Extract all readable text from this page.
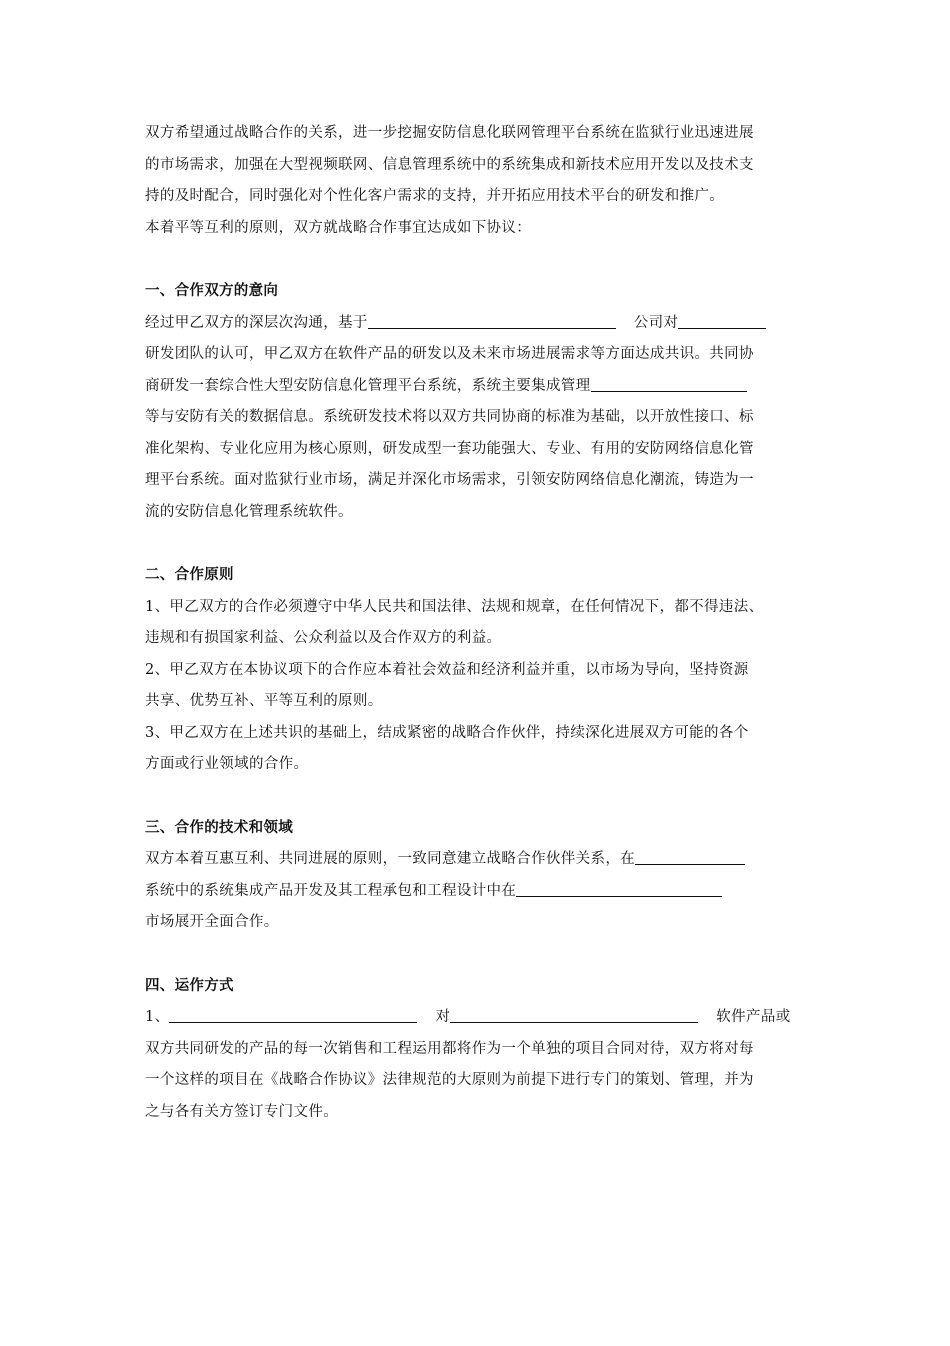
双方希望通过战略合作的关系，进一步挖掘安防信息化联网管理平台系统在监狱行业迅速进展
的市场需求，加强在大型视频联网、信息管理系统中的系统集成和新技术应用开发以及技术支
持的及时配合，同时强化对个性化客户需求的支持，并开拓应用技术平台的研发和推广。
本着平等互利的原则，双方就战略合作事宜达成如下协议：

一、合作双方的意向

经过甲乙双方的深层次沟通，基于	公司对
研发团队的认可，甲乙双方在软件产品的研发以及未来市场进展需求等方面达成共识。共同协
商研发一套综合性大型安防信息化管理平台系统，系统主要集成管理
等与安防有关的数据信息。系统研发技术将以双方共同协商的标准为基础，以开放性接口、标
准化架构、专业化应用为核心原则，研发成型一套功能强大、专业、有用的安防网络信息化管
理平台系统。面对监狱行业市场，满足并深化市场需求，引领安防网络信息化潮流，铸造为一
流的安防信息化管理系统软件。

二、合作原则

1、甲乙双方的合作必须遵守中华人民共和国法律、法规和规章，在任何情况下，都不得违法、
违规和有损国家利益、公众利益以及合作双方的利益。
2、甲乙双方在本协议项下的合作应本着社会效益和经济利益并重，以市场为导向，坚持资源
共享、优势互补、平等互利的原则。
3、甲乙双方在上述共识的基础上，结成紧密的战略合作伙伴，持续深化进展双方可能的各个
方面或行业领域的合作。

三、合作的技术和领域

双方本着互惠互利、共同进展的原则，一致同意建立战略合作伙伴关系，在
系统中的系统集成产品开发及其工程承包和工程设计中在
市场展开全面合作。

四、运作方式

1、	对	软件产品或
双方共同研发的产品的每一次销售和工程运用都将作为一个单独的项目合同对待，双方将对每
一个这样的项目在《战略合作协议》法律规范的大原则为前提下进行专门的策划、管理，并为
之与各有关方签订专门文件。
